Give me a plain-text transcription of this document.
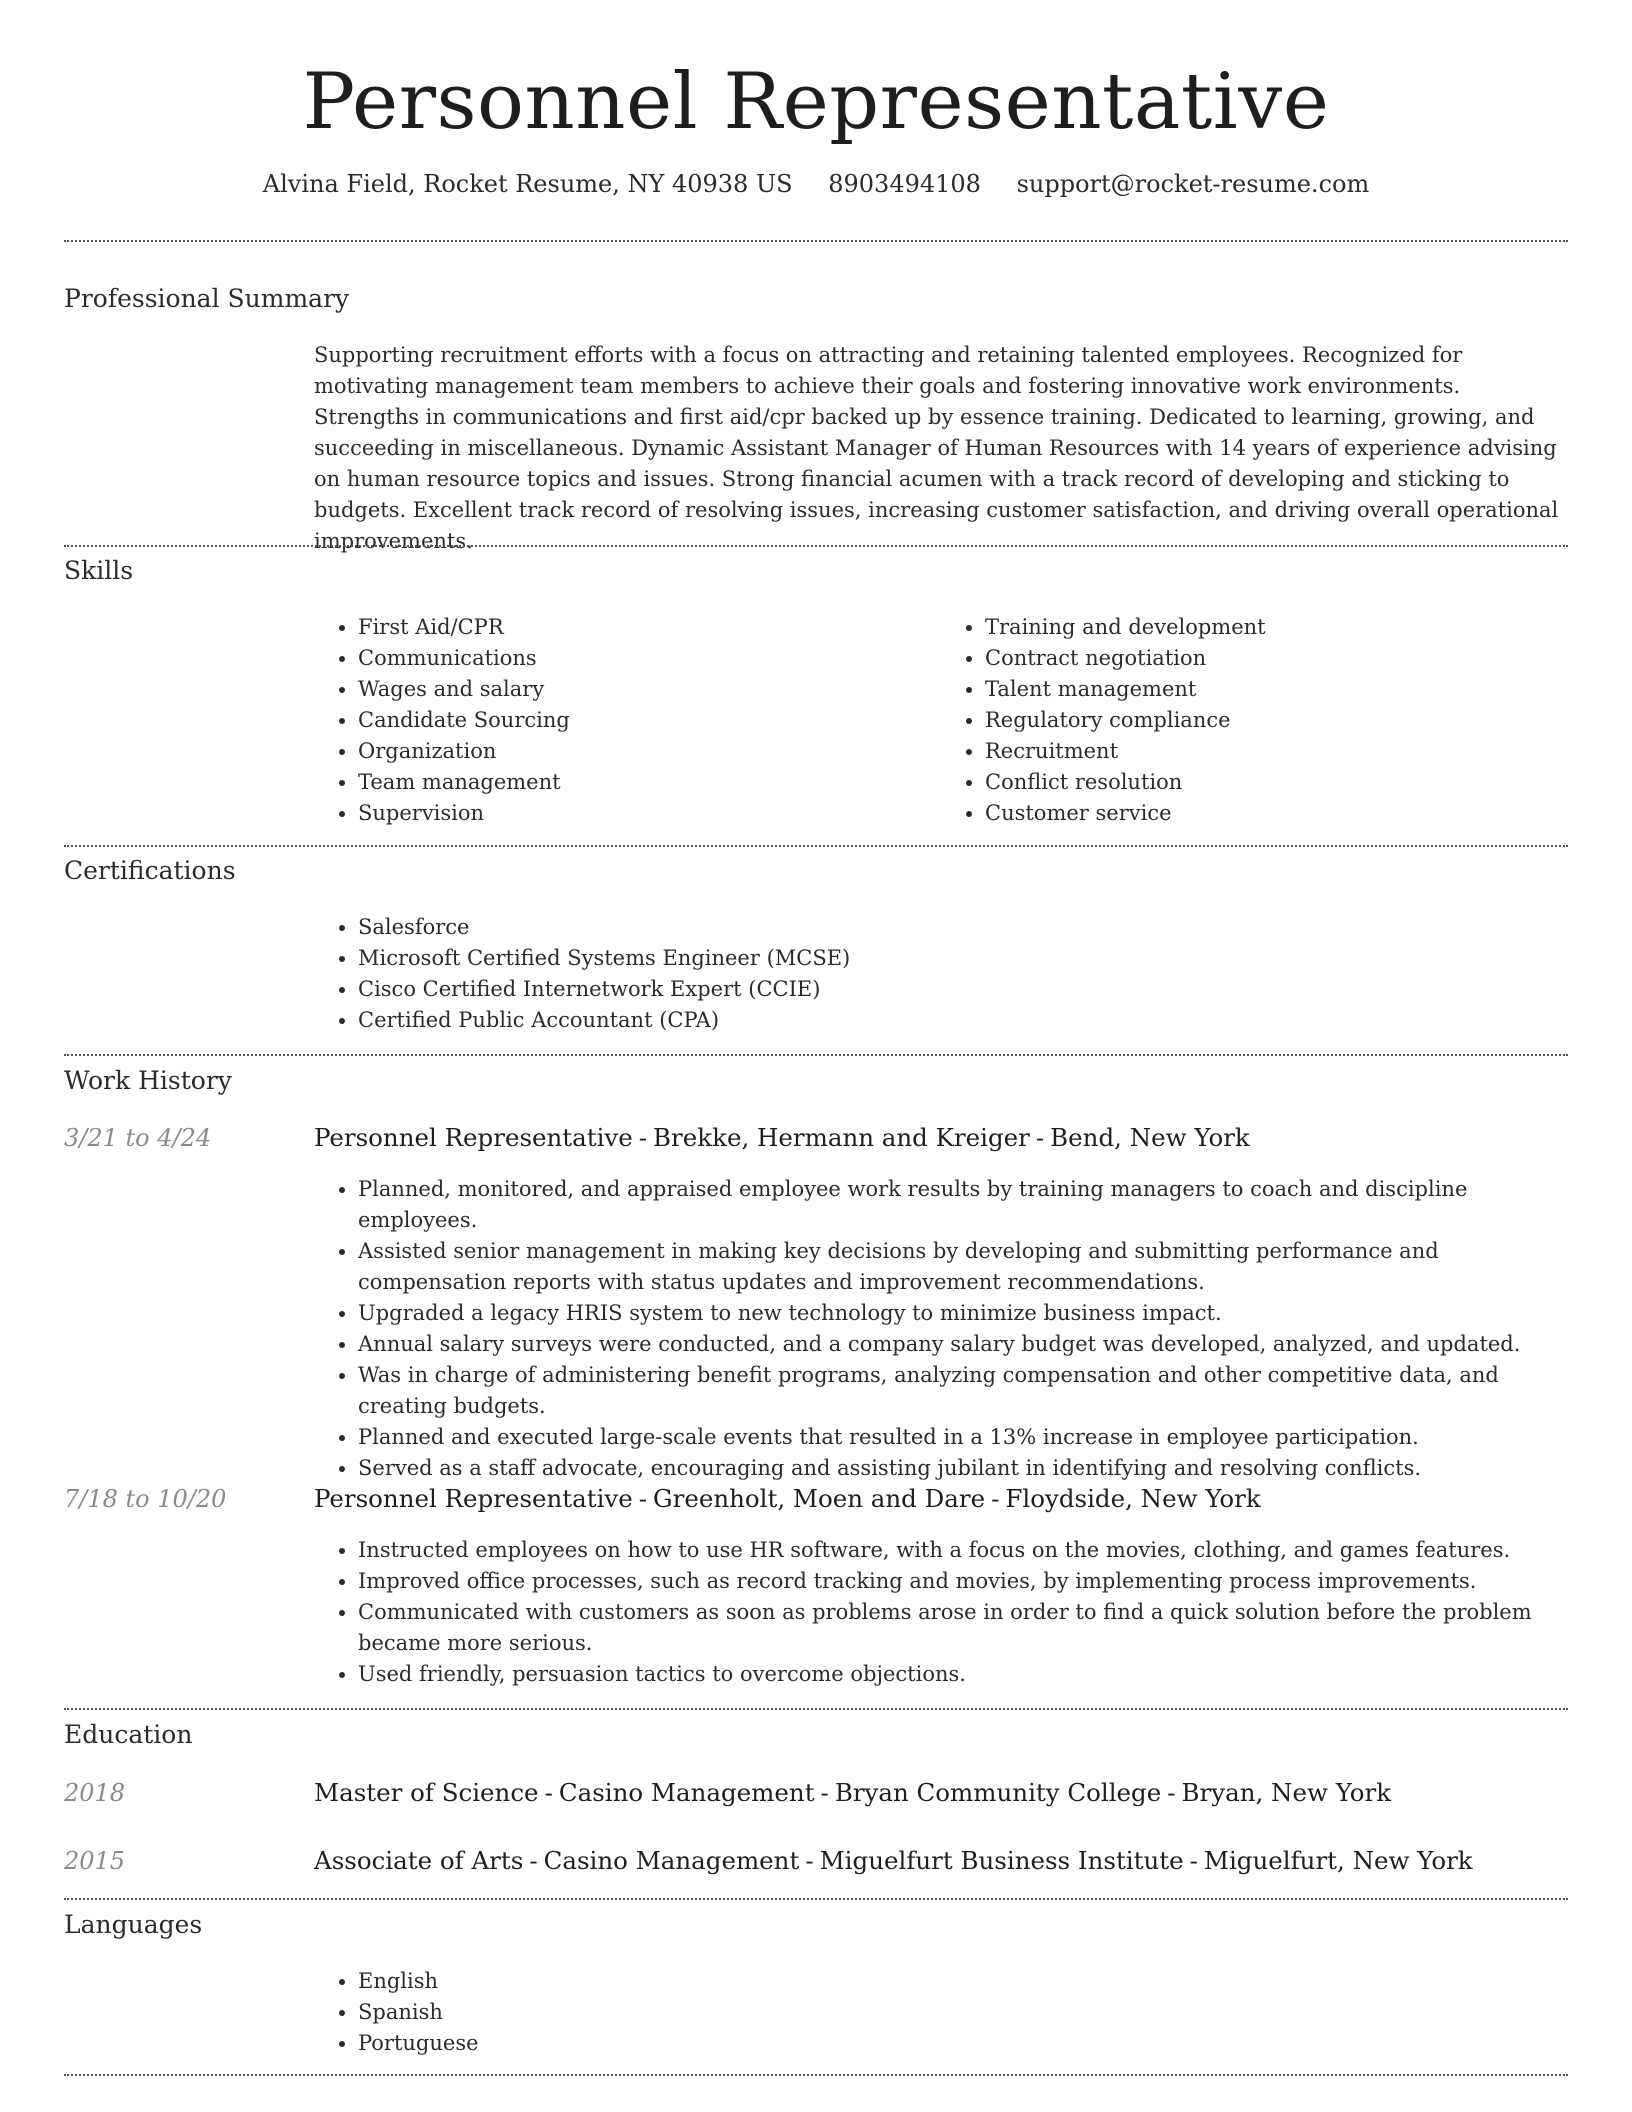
Personnel Representative
Alvina Field, Rocket Resume, NY 40938 US 8903494108 support@rocket-resume.com
Professional Summary
Supporting recruitment efforts with a focus on attracting and retaining talented employees. Recognized for motivating management team members to achieve their goals and fostering innovative work environments. Strengths in communications and first aid/cpr backed up by essence training. Dedicated to learning, growing, and succeeding in miscellaneous. Dynamic Assistant Manager of Human Resources with 14 years of experience advising on human resource topics and issues. Strong financial acumen with a track record of developing and sticking to budgets. Excellent track record of resolving issues, increasing customer satisfaction, and driving overall operational improvements.
Skills
• First Aid/CPR
• Communications
• Wages and salary
• Candidate Sourcing
• Organization
• Team management
• Supervision
• Training and development
• Contract negotiation
• Talent management
• Regulatory compliance
• Recruitment
• Conflict resolution
• Customer service
Certifications
• Salesforce
• Microsoft Certified Systems Engineer (MCSE)
• Cisco Certified Internetwork Expert (CCIE)
• Certified Public Accountant (CPA)
Work History
3/21 to 4/24	Personnel Representative - Brekke, Hermann and Kreiger - Bend, New York
• Planned, monitored, and appraised employee work results by training managers to coach and discipline employees.
• Assisted senior management in making key decisions by developing and submitting performance and compensation reports with status updates and improvement recommendations.
• Upgraded a legacy HRIS system to new technology to minimize business impact.
• Annual salary surveys were conducted, and a company salary budget was developed, analyzed, and updated.
• Was in charge of administering benefit programs, analyzing compensation and other competitive data, and creating budgets.
• Planned and executed large-scale events that resulted in a 13% increase in employee participation.
• Served as a staff advocate, encouraging and assisting jubilant in identifying and resolving conflicts.
7/18 to 10/20	Personnel Representative - Greenholt, Moen and Dare - Floydside, New York
• Instructed employees on how to use HR software, with a focus on the movies, clothing, and games features.
• Improved office processes, such as record tracking and movies, by implementing process improvements.
• Communicated with customers as soon as problems arose in order to find a quick solution before the problem became more serious.
• Used friendly, persuasion tactics to overcome objections.
Education
2018	Master of Science - Casino Management - Bryan Community College - Bryan, New York
2015	Associate of Arts - Casino Management - Miguelfurt Business Institute - Miguelfurt, New York
Languages
• English
• Spanish
• Portuguese
